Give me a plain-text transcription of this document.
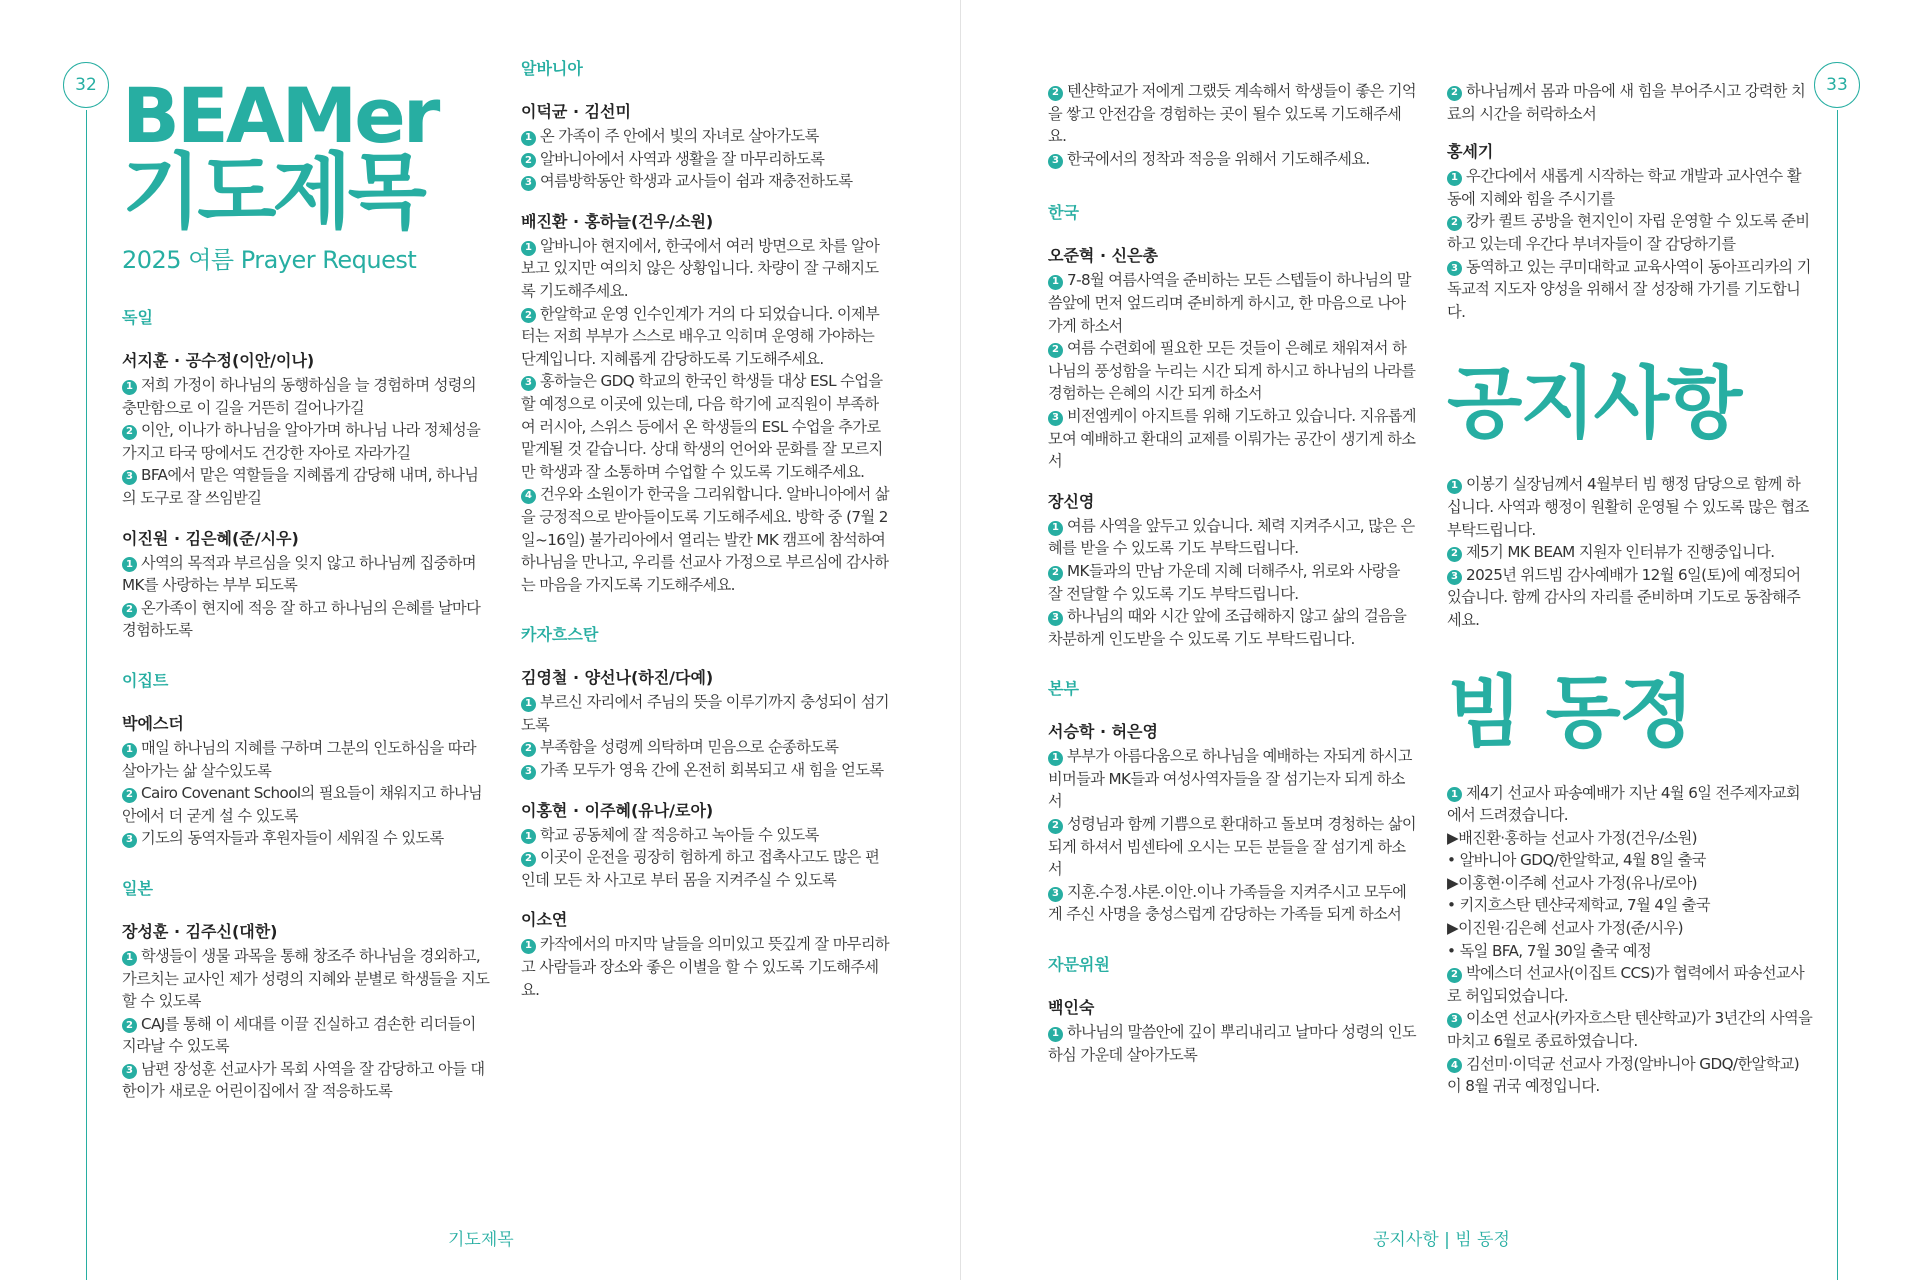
32 BEAMer
기도제목
2025 여름 Prayer Request
독일
서지훈 · 공수정(이안/이나)
1 저희 가정이 하나님의 동행하심을 늘 경험하며 성령의 충만함으로 이 길을 거뜬히 걸어나가길
2 이안, 이나가 하나님을 알아가며 하나님 나라 정체성을 가지고 타국 땅에서도 건강한 자아로 자라가길
3 BFA에서 맡은 역할들을 지혜롭게 감당해 내며, 하나님의 도구로 잘 쓰임받길
이진원 · 김은혜(준/시우)
1 사역의 목적과 부르심을 잊지 않고 하나님께 집중하며 MK를 사랑하는 부부 되도록
2 온가족이 현지에 적응 잘 하고 하나님의 은혜를 날마다 경험하도록
이집트
박에스더
1 매일 하나님의 지혜를 구하며 그분의 인도하심을 따라 살아가는 삶 살수있도록
2 Cairo Covenant School의 필요들이 채워지고 하나님 안에서 더 굳게 설 수 있도록
3 기도의 동역자들과 후원자들이 세워질 수 있도록
일본
장성훈 · 김주신(대한)
1 학생들이 생물 과목을 통해 창조주 하나님을 경외하고, 가르치는 교사인 제가 성령의 지혜와 분별로 학생들을 지도할 수 있도록
2 CAJ를 통해 이 세대를 이끌 진실하고 겸손한 리더들이 지라날 수 있도록
3 남편 장성훈 선교사가 목회 사역을 잘 감당하고 아들 대한이가 새로운 어린이집에서 잘 적응하도록
알바니아
이덕균 · 김선미
1 온 가족이 주 안에서 빛의 자녀로 살아가도록
2 알바니아에서 사역과 생활을 잘 마무리하도록
3 여름방학동안 학생과 교사들이 쉼과 재충전하도록
배진환 · 홍하늘(건우/소원)
1 알바니아 현지에서, 한국에서 여러 방면으로 차를 알아보고 있지만 여의치 않은 상황입니다. 차량이 잘 구해지도록 기도해주세요.
2 한알학교 운영 인수인계가 거의 다 되었습니다. 이제부터는 저희 부부가 스스로 배우고 익히며 운영해 가야하는 단계입니다. 지혜롭게 감당하도록 기도해주세요.
3 홍하늘은 GDQ 학교의 한국인 학생들 대상 ESL 수업을 할 예정으로 이곳에 있는데, 다음 학기에 교직원이 부족하여 러시아, 스위스 등에서 온 학생들의 ESL 수업을 추가로 맡게될 것 같습니다. 상대 학생의 언어와 문화를 잘 모르지만 학생과 잘 소통하며 수업할 수 있도록 기도해주세요.
4 건우와 소원이가 한국을 그리워합니다. 알바니아에서 삶을 긍정적으로 받아들이도록 기도해주세요. 방학 중 (7월 2일~16일) 불가리아에서 열리는 발칸 MK 캠프에 참석하여 하나님을 만나고, 우리를 선교사 가정으로 부르심에 감사하는 마음을 가지도록 기도해주세요.
카자흐스탄
김영철 · 양선나(하진/다예)
1 부르신 자리에서 주님의 뜻을 이루기까지 충성되이 섬기도록
2 부족함을 성령께 의탁하며 믿음으로 순종하도록
3 가족 모두가 영육 간에 온전히 회복되고 새 힘을 얻도록
이홍현 · 이주혜(유나/로아)
1 학교 공동체에 잘 적응하고 녹아들 수 있도록
2 이곳이 운전을 굉장히 험하게 하고 접촉사고도 많은 편인데 모든 차 사고로 부터 몸을 지켜주실 수 있도록
이소연
1 카작에서의 마지막 날들을 의미있고 뜻깊게 잘 마무리하고 사람들과 장소와 좋은 이별을 할 수 있도록 기도해주세요.
기도제목
33
2 텐샨학교가 저에게 그랬듯 계속해서 학생들이 좋은 기억을 쌓고 안전감을 경험하는 곳이 될수 있도록 기도해주세요.
3 한국에서의 정착과 적응을 위해서 기도해주세요.
한국
오준혁 · 신은총
1 7-8월 여름사역을 준비하는 모든 스텝들이 하나님의 말씀앞에 먼저 엎드리며 준비하게 하시고, 한 마음으로 나아가게 하소서
2 여름 수련회에 필요한 모든 것들이 은혜로 채워져서 하나님의 풍성함을 누리는 시간 되게 하시고 하나님의 나라를 경험하는 은혜의 시간 되게 하소서
3 비전엠케이 아지트를 위해 기도하고 있습니다. 지유롭게 모여 예배하고 환대의 교제를 이뤄가는 공간이 생기게 하소서
장신영
1 여름 사역을 앞두고 있습니다. 체력 지켜주시고, 많은 은혜를 받을 수 있도록 기도 부탁드립니다.
2 MK들과의 만남 가운데 지혜 더해주사, 위로와 사랑을 잘 전달할 수 있도록 기도 부탁드립니다.
3 하나님의 때와 시간 앞에 조급해하지 않고 삶의 걸음을 차분하게 인도받을 수 있도록 기도 부탁드립니다.
본부
서승학 · 허은영
1 부부가 아름다움으로 하나님을 예배하는 자되게 하시고 비머들과 MK들과 여성사역자들을 잘 섬기는자 되게 하소서
2 성령님과 함께 기쁨으로 환대하고 돌보며 경청하는 삶이 되게 하셔서 빔센타에 오시는 모든 분들을 잘 섬기게 하소서
3 지훈.수정.샤론.이안.이나 가족들을 지켜주시고 모두에게 주신 사명을 충성스럽게 감당하는 가족들 되게 하소서
자문위원
백인숙
1 하나님의 말씀안에 깊이 뿌리내리고 날마다 성령의 인도하심 가운데 살아가도록
2 하나님께서 몸과 마음에 새 힘을 부어주시고 강력한 치료의 시간을 허락하소서
홍세기
1 우간다에서 새롭게 시작하는 학교 개발과 교사연수 활동에 지혜와 힘을 주시기를
2 캉카 퀼트 공방을 현지인이 자립 운영할 수 있도록 준비하고 있는데 우간다 부녀자들이 잘 감당하기를
3 동역하고 있는 쿠미대학교 교육사역이 동아프리카의 기독교적 지도자 양성을 위해서 잘 성장해 가기를 기도합니다.
공지사항
1 이봉기 실장님께서 4월부터 빔 행정 담당으로 함께 하십니다. 사역과 행정이 원활히 운영될 수 있도록 많은 협조 부탁드립니다.
2 제5기 MK BEAM 지원자 인터뷰가 진행중입니다.
3 2025년 위드빔 감사예배가 12월 6일(토)에 예정되어 있습니다. 함께 감사의 자리를 준비하며 기도로 동참해주세요.
빔 동정
1 제4기 선교사 파송예배가 지난 4월 6일 전주제자교회에서 드려졌습니다.
▶배진환·홍하늘 선교사 가정(건우/소원)
• 알바니아 GDQ/한알학교, 4월 8일 출국
▶이홍현·이주혜 선교사 가정(유나/로아)
• 키지흐스탄 텐샨국제학교, 7월 4일 출국
▶이진원·김은혜 선교사 가정(준/시우)
• 독일 BFA, 7월 30일 출국 예정
2 박에스더 선교사(이집트 CCS)가 협력에서 파송선교사로 허입되었습니다.
3 이소연 선교사(카자흐스탄 텐샨학교)가 3년간의 사역을 마치고 6월로 종료하였습니다.
4 김선미·이덕균 선교사 가정(알바니아 GDQ/한알학교)이 8월 귀국 예정입니다.
공지사항 | 빔 동정
